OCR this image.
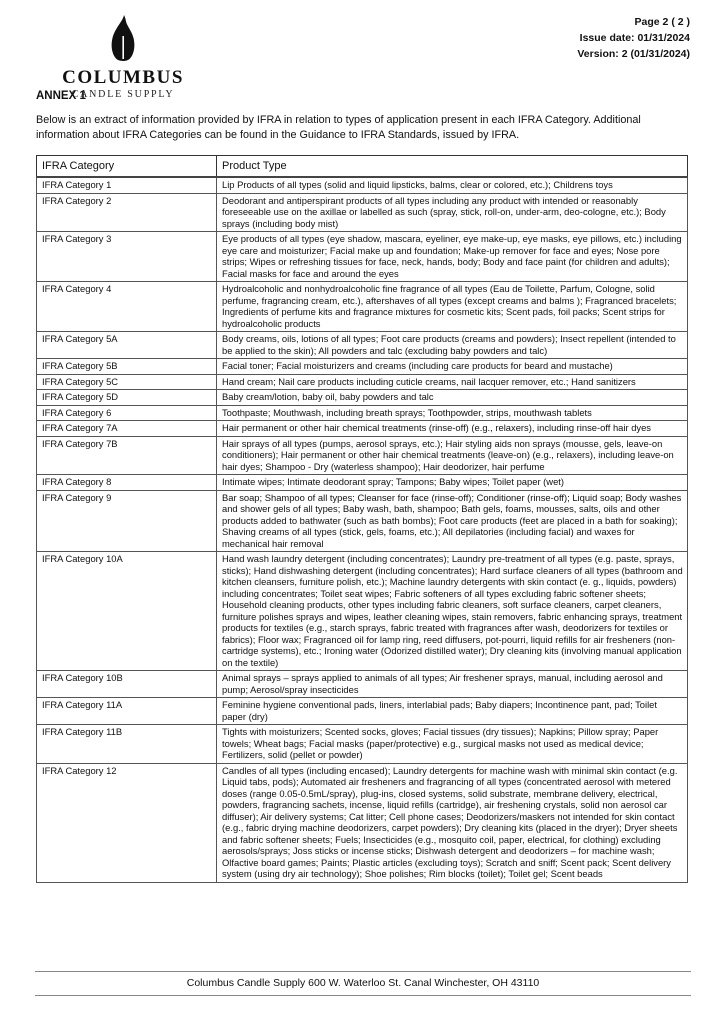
COLUMBUS
CANDLE SUPPLY
Page 2 ( 2 )
Issue date: 01/31/2024
Version: 2 (01/31/2024)
ANNEX 1
Below is an extract of information provided by IFRA in relation to types of application present in each IFRA Category. Additional information about IFRA Categories can be found in the Guidance to IFRA Standards, issued by IFRA.
IFRA Category	Product Type
IFRA Category 1	Lip Products of all types (solid and liquid lipsticks, balms, clear or colored, etc.); Childrens toys
IFRA Category 2	Deodorant and antiperspirant products of all types including any product with intended or reasonably foreseeable use on the axillae or labelled as such (spray, stick, roll-on, under-arm, deo-cologne, etc.); Body sprays (including body mist)
IFRA Category 3	Eye products of all types (eye shadow, mascara, eyeliner, eye make-up, eye masks, eye pillows, etc.) including eye care and moisturizer; Facial make up and foundation; Make-up remover for face and eyes; Nose pore strips; Wipes or refreshing tissues for face, neck, hands, body; Body and face paint (for children and adults); Facial masks for face and around the eyes
IFRA Category 4	Hydroalcoholic and nonhydroalcoholic fine fragrance of all types (Eau de Toilette, Parfum, Cologne, solid perfume, fragrancing cream, etc.), aftershaves of all types (except creams and balms ); Fragranced bracelets; Ingredients of perfume kits and fragrance mixtures for cosmetic kits; Scent pads, foil packs; Scent strips for hydroalcoholic products
IFRA Category 5A	Body creams, oils, lotions of all types; Foot care products (creams and powders); Insect repellent (intended to be applied to the skin); All powders and talc (excluding baby powders and talc)
IFRA Category 5B	Facial toner; Facial moisturizers and creams (including care products for beard and mustache)
IFRA Category 5C	Hand cream; Nail care products including cuticle creams, nail lacquer remover, etc.; Hand sanitizers
IFRA Category 5D	Baby cream/lotion, baby oil, baby powders and talc
IFRA Category 6	Toothpaste; Mouthwash, including breath sprays; Toothpowder, strips, mouthwash tablets
IFRA Category 7A	Hair permanent or other hair chemical treatments (rinse-off) (e.g., relaxers), including rinse-off hair dyes
IFRA Category 7B	Hair sprays of all types (pumps, aerosol sprays, etc.); Hair styling aids non sprays (mousse, gels, leave-on conditioners); Hair permanent or other hair chemical treatments (leave-on) (e.g., relaxers), including leave-on hair dyes; Shampoo - Dry (waterless shampoo); Hair deodorizer, hair perfume
IFRA Category 8	Intimate wipes; Intimate deodorant spray; Tampons; Baby wipes; Toilet paper (wet)
IFRA Category 9	Bar soap; Shampoo of all types; Cleanser for face (rinse-off); Conditioner (rinse-off); Liquid soap; Body washes and shower gels of all types; Baby wash, bath, shampoo; Bath gels, foams, mousses, salts, oils and other products added to bathwater (such as bath bombs); Foot care products (feet are placed in a bath for soaking); Shaving creams of all types (stick, gels, foams, etc.); All depilatories (including facial) and waxes for mechanical hair removal
IFRA Category 10A	Hand wash laundry detergent (including concentrates); Laundry pre-treatment of all types (e.g. paste, sprays, sticks); Hand dishwashing detergent (including concentrates); Hard surface cleaners of all types (bathroom and kitchen cleansers, furniture polish, etc.); Machine laundry detergents with skin contact (e. g., liquids, powders) including concentrates; Toilet seat wipes; Fabric softeners of all types excluding fabric softener sheets; Household cleaning products, other types including fabric cleaners, soft surface cleaners, carpet cleaners, furniture polishes sprays and wipes, leather cleaning wipes, stain removers, fabric enhancing sprays, treatment products for textiles (e.g., starch sprays, fabric treated with fragrances after wash, deodorizers for textiles or fabrics); Floor wax; Fragranced oil for lamp ring, reed diffusers, pot-pourri, liquid refills for air fresheners (non-cartridge systems), etc.; Ironing water (Odorized distilled water); Dry cleaning kits (involving manual application on the textile)
IFRA Category 10B	Animal sprays – sprays applied to animals of all types; Air freshener sprays, manual, including aerosol and pump; Aerosol/spray insecticides
IFRA Category 11A	Feminine hygiene conventional pads, liners, interlabial pads; Baby diapers; Incontinence pant, pad; Toilet paper (dry)
IFRA Category 11B	Tights with moisturizers; Scented socks, gloves; Facial tissues (dry tissues); Napkins; Pillow spray; Paper towels; Wheat bags; Facial masks (paper/protective) e.g., surgical masks not used as medical device; Fertilizers, solid (pellet or powder)
IFRA Category 12	Candles of all types (including encased); Laundry detergents for machine wash with minimal skin contact (e.g. Liquid tabs, pods); Automated air fresheners and fragrancing of all types (concentrated aerosol with metered doses (range 0.05-0.5mL/spray), plug-ins, closed systems, solid substrate, membrane delivery, electrical, powders, fragrancing sachets, incense, liquid refills (cartridge), air freshening crystals, solid non aerosol car diffuser); Air delivery systems; Cat litter; Cell phone cases; Deodorizers/maskers not intended for skin contact (e.g., fabric drying machine deodorizers, carpet powders); Dry cleaning kits (placed in the dryer); Dryer sheets and fabric softener sheets; Fuels; Insecticides (e.g., mosquito coil, paper, electrical, for clothing) excluding aerosols/sprays; Joss sticks or incense sticks; Dishwash detergent and deodorizers – for machine wash; Olfactive board games; Paints; Plastic articles (excluding toys); Scratch and sniff; Scent pack; Scent delivery system (using dry air technology); Shoe polishes; Rim blocks (toilet); Toilet gel; Scent beads
Columbus Candle Supply 600 W. Waterloo St. Canal Winchester, OH 43110
